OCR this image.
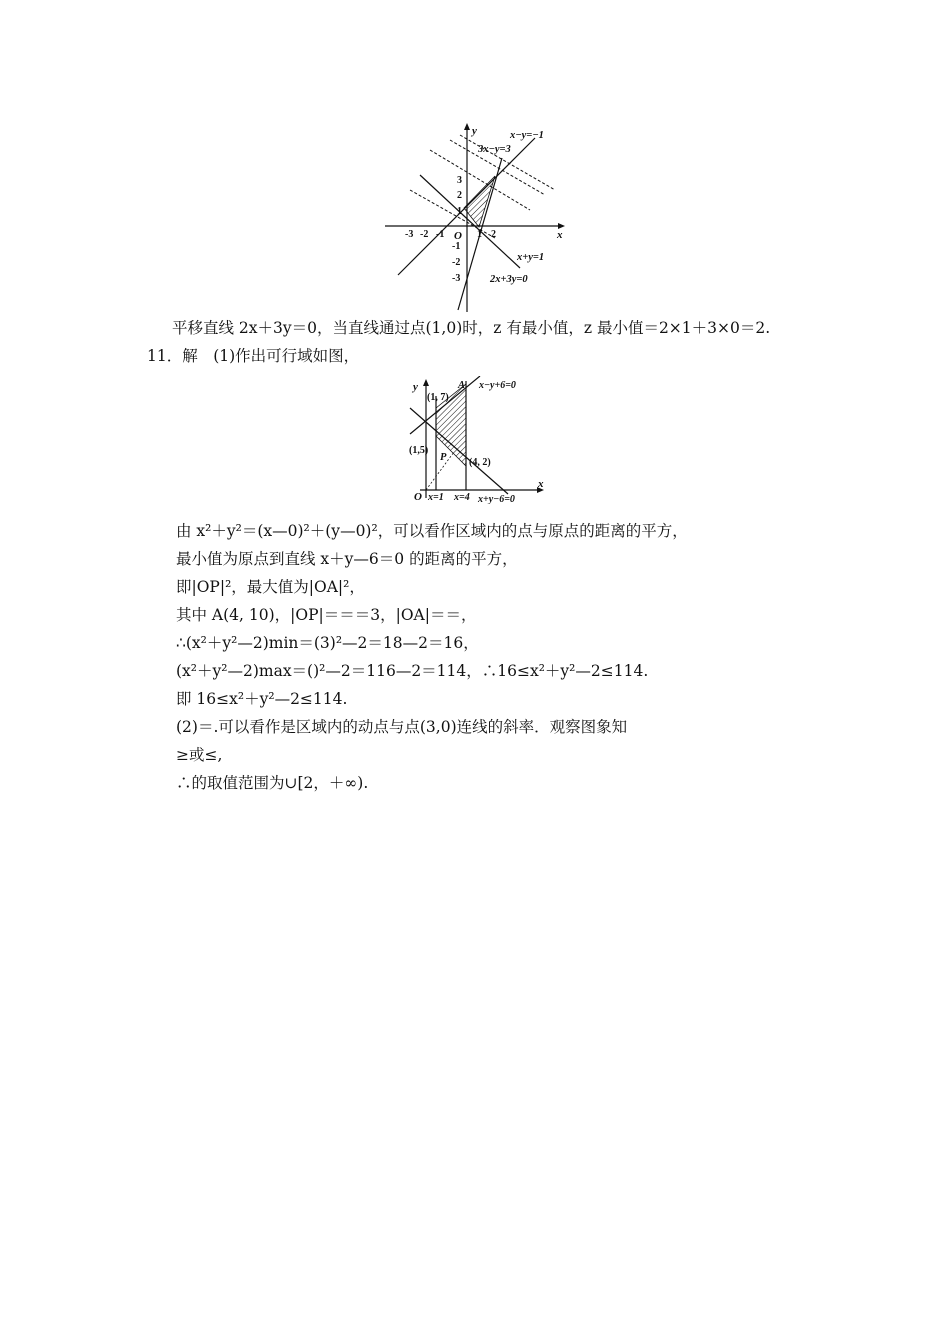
y
x
O
-3 -2 -1	1 2
3
2
1
-1
-2
-3
x−y=−1
3x−y=3
x+y=1
2x+3y=0
平移直线 2x＋3y＝0，当直线通过点(1,0)时，z 有最小值，z 最小值＝2×1＋3×0＝2.
11．解　(1)作出可行域如图，
y
x
O
A
P
(1, 7)
(1,5)
(4, 2)
x=1 x=4
x−y+6=0
x+y−6=0
由 x²＋y²＝(x—0)²＋(y—0)²，可以看作区域内的点与原点的距离的平方，
最小值为原点到直线 x＋y—6＝0 的距离的平方，
即|OP|²，最大值为|OA|²，
其中 A(4, 10)，|OP|＝＝＝3，|OA|＝＝，
∴(x²＋y²—2)min＝(3)²—2＝18—2＝16，
(x²＋y²—2)max＝()²—2＝116—2＝114，∴16≤x²＋y²—2≤114.
即 16≤x²＋y²—2≤114.
(2)＝.可以看作是区域内的动点与点(3,0)连线的斜率．观察图象知
≥或≤,
∴的取值范围为∪[2，＋∞).
